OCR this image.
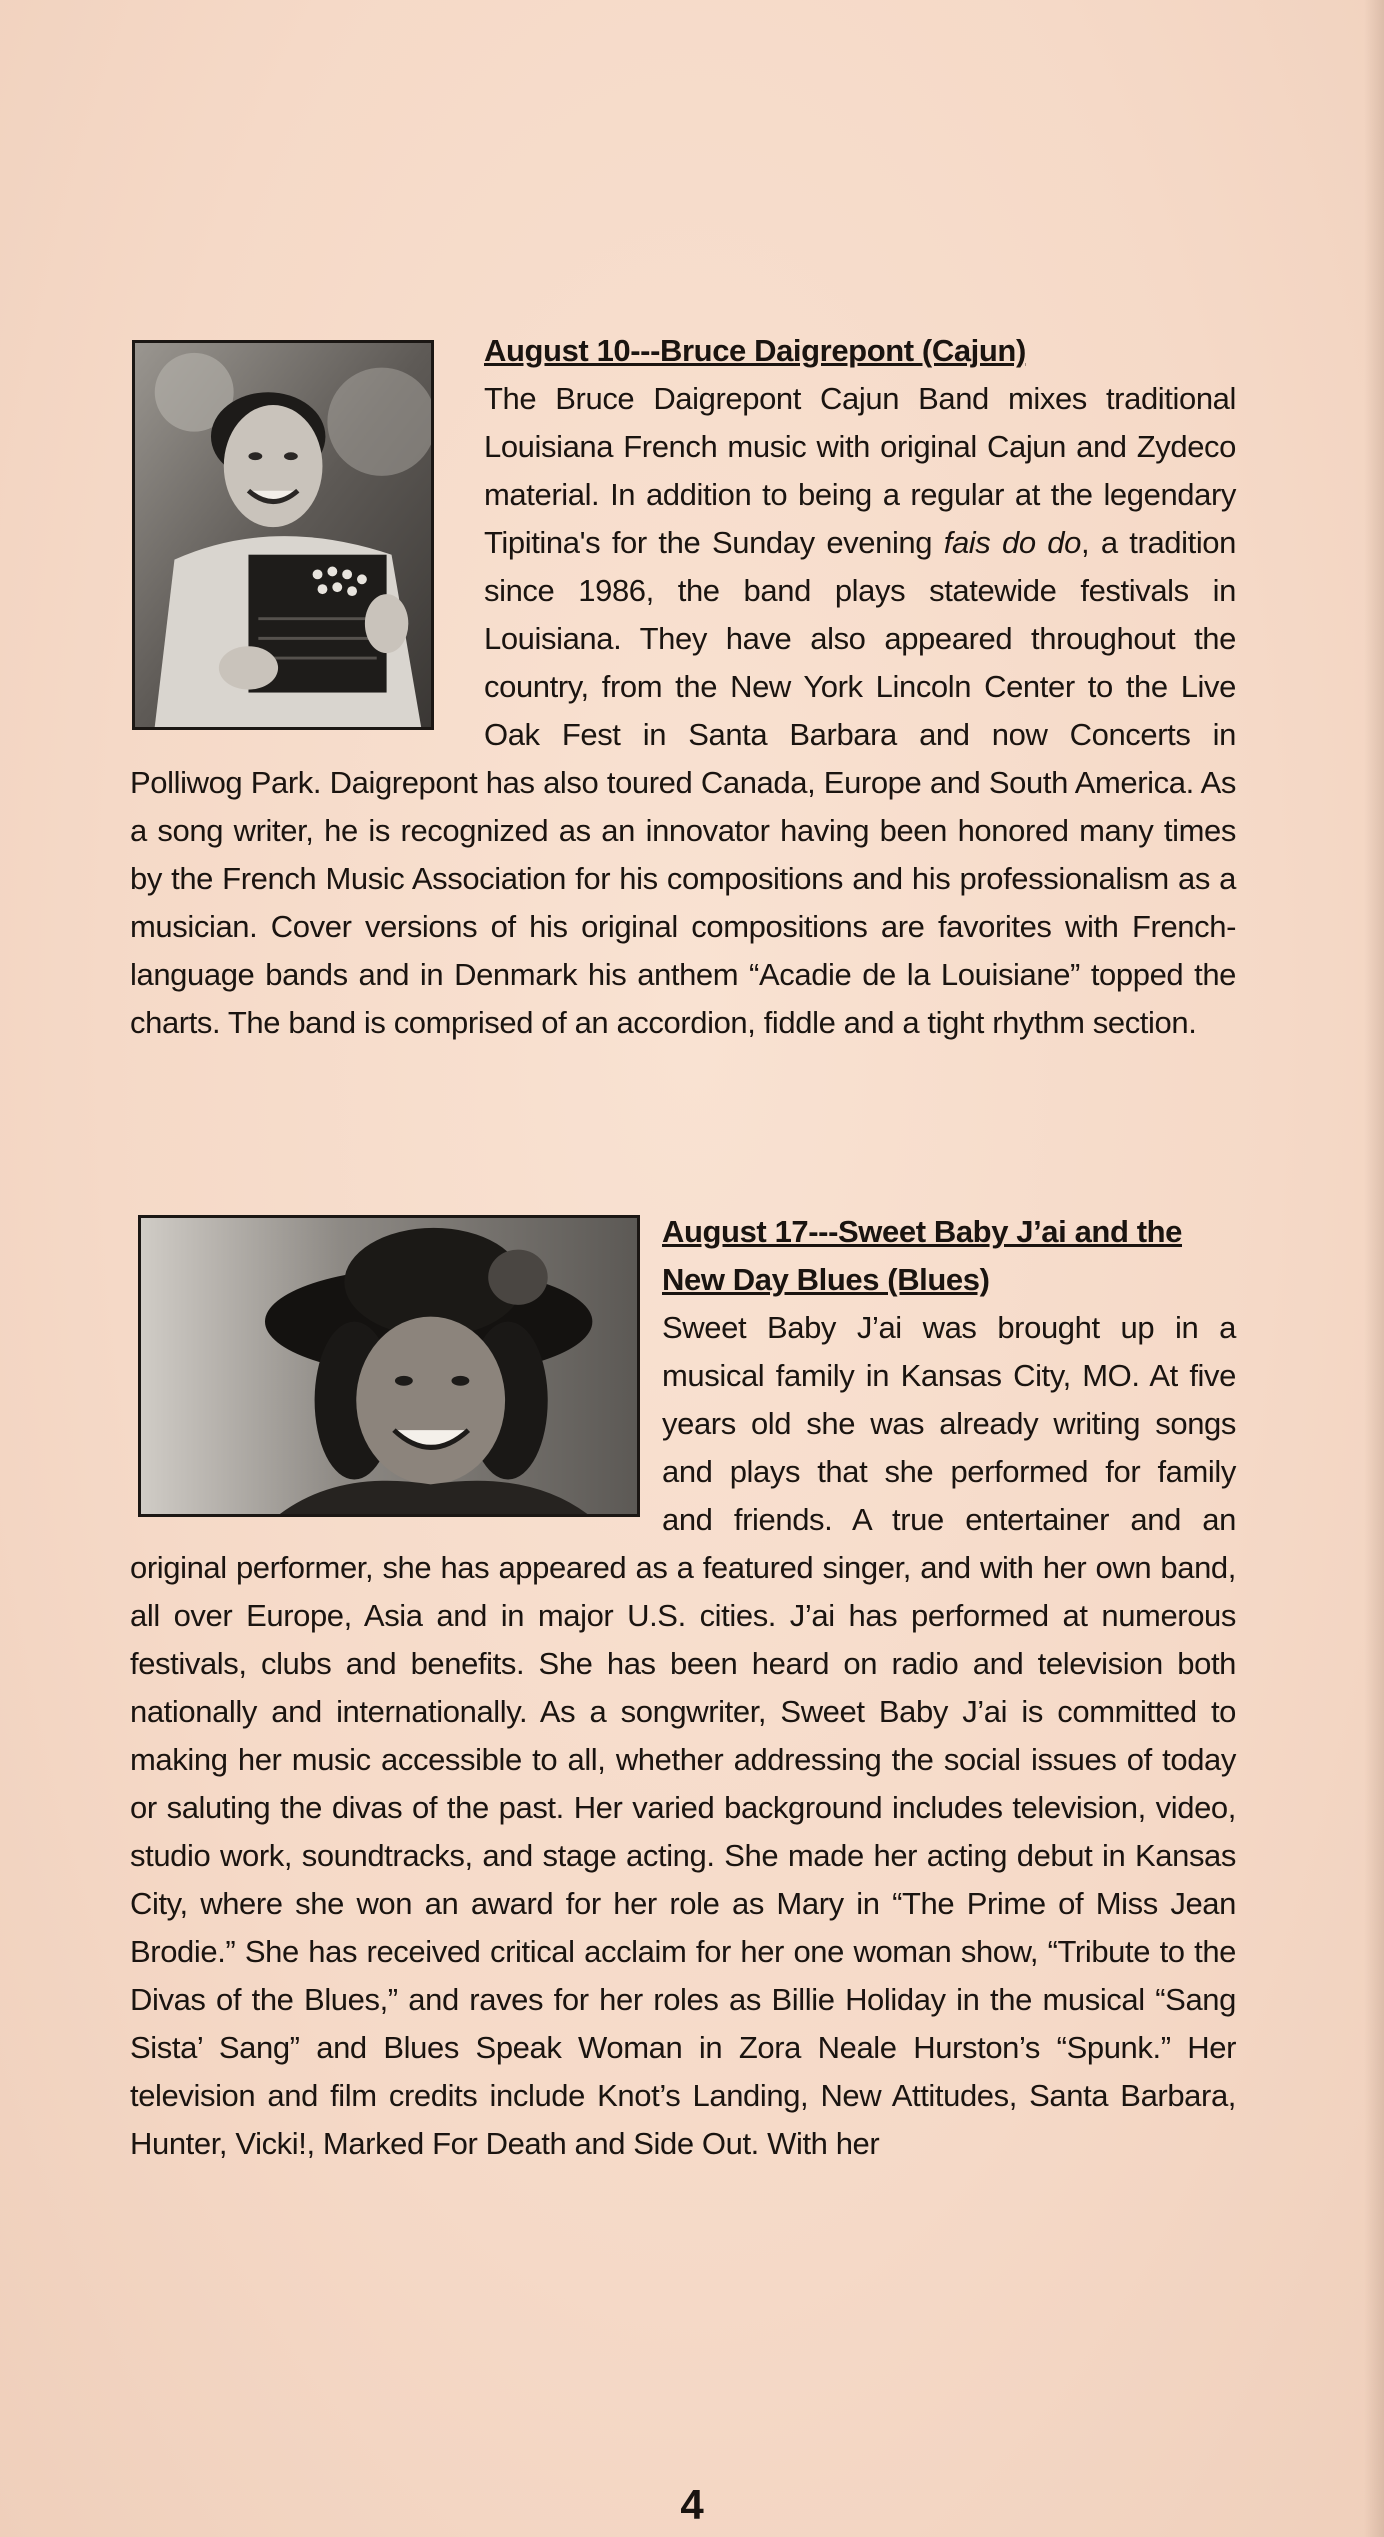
August 10---Bruce Daigrepont (Cajun)
The Bruce Daigrepont Cajun Band mixes traditional Louisiana French music with original Cajun and Zydeco material. In addition to being a regular at the legendary Tipitina's for the Sunday evening fais do do, a tradition since 1986, the band plays statewide festivals in Louisiana. They have also appeared throughout the country, from the New York Lincoln Center to the Live Oak Fest in Santa Barbara and now Concerts in Polliwog Park. Daigrepont has also toured Canada, Europe and South America. As a song writer, he is recognized as an innovator having been honored many times by the French Music Association for his compositions and his professionalism as a musician. Cover versions of his original compositions are favorites with French-language bands and in Denmark his anthem “Acadie de la Louisiane” topped the charts. The band is comprised of an accordion, fiddle and a tight rhythm section.
August 17---Sweet Baby J’ai and the New Day Blues (Blues)
Sweet Baby J’ai was brought up in a musical family in Kansas City, MO. At five years old she was already writing songs and plays that she performed for family and friends. A true entertainer and an original performer, she has appeared as a featured singer, and with her own band, all over Europe, Asia and in major U.S. cities. J’ai has performed at numerous festivals, clubs and benefits. She has been heard on radio and television both nationally and internationally. As a songwriter, Sweet Baby J’ai is committed to making her music accessible to all, whether addressing the social issues of today or saluting the divas of the past. Her varied background includes television, video, studio work, soundtracks, and stage acting. She made her acting debut in Kansas City, where she won an award for her role as Mary in “The Prime of Miss Jean Brodie.” She has received critical acclaim for her one woman show, “Tribute to the Divas of the Blues,” and raves for her roles as Billie Holiday in the musical “Sang Sista’ Sang” and Blues Speak Woman in Zora Neale Hurston’s “Spunk.” Her television and film credits include Knot’s Landing, New Attitudes, Santa Barbara, Hunter, Vicki!, Marked For Death and Side Out. With her
4
